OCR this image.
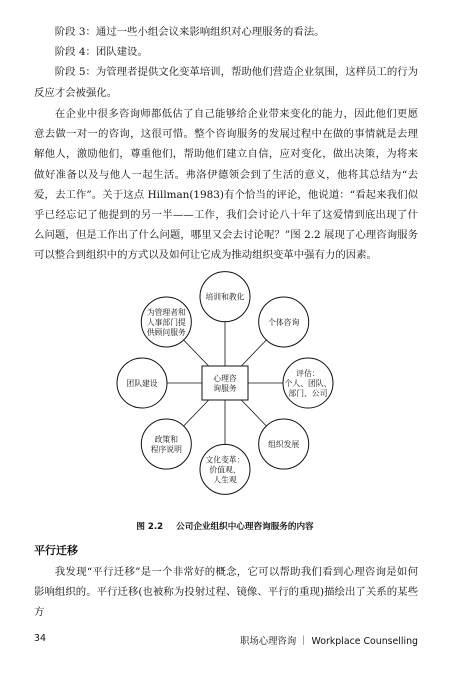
阶段 3：通过一些小组会议来影响组织对心理服务的看法。

阶段 4：团队建设。

阶段 5：为管理者提供文化变革培训，帮助他们营造企业氛围，这样员工的行为反应才会被强化。

在企业中很多咨询师都低估了自己能够给企业带来变化的能力，因此他们更愿意去做一对一的咨询，这很可惜。整个咨询服务的发展过程中在做的事情就是去理解他人，激励他们，尊重他们，帮助他们建立自信，应对变化，做出决策，为将来做好准备以及与他人一起生活。弗洛伊德领会到了生活的意义，他将其总结为“去爱，去工作”。关于这点 Hillman(1983)有个恰当的评论，他说道：“看起来我们似乎已经忘记了他提到的另一半——工作，我们会讨论八十年了这爱情到底出现了什么问题，但是工作出了什么问题，哪里又会去讨论呢？”图 2.2 展现了心理咨询服务可以整合到组织中的方式以及如何让它成为推动组织变革中强有力的因素。

心理咨
询服务
培训和教化
个体咨询
评估：
个人、团队、
部门、公司
组织发展
文化变革：
价值观、
人生观
政策和
程序说明
团队建设
为管理者和
人事部门提
供顾问服务
图 2.2 公司企业组织中心理咨询服务的内容
平行迁移

我发现“平行迁移”是一个非常好的概念，它可以帮助我们看到心理咨询是如何影响组织的。平行迁移(也被称为投射过程、镜像、平行的重现)描绘出了关系的某些方

34	职场心理咨询 ｜ Workplace Counselling
